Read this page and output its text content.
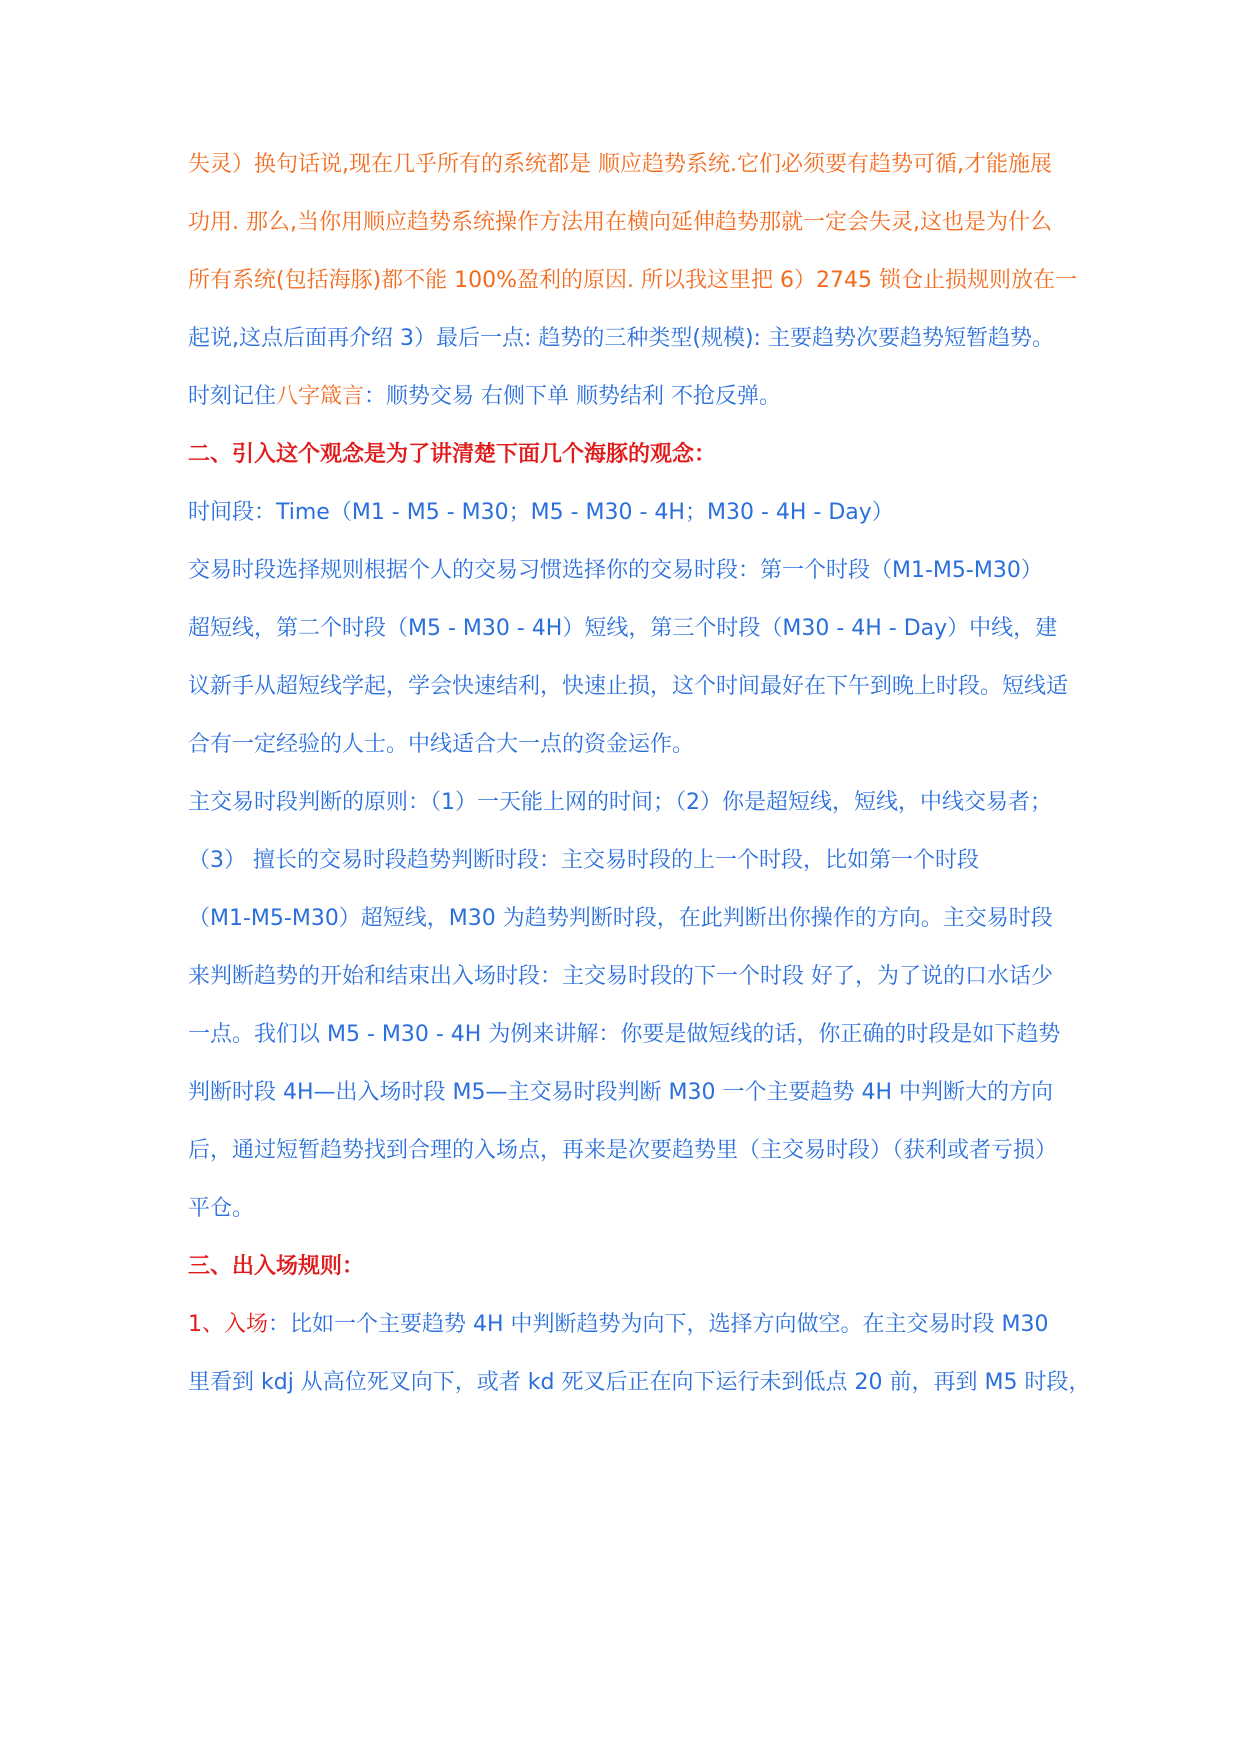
失灵）换句话说,现在几乎所有的系统都是 顺应趋势系统.它们必须要有趋势可循,才能施展
功用. 那么,当你用顺应趋势系统操作方法用在横向延伸趋势那就一定会失灵,这也是为什么
所有系统(包括海豚)都不能 100%盈利的原因. 所以我这里把 6）2745 锁仓止损规则放在一
起说,这点后面再介绍 3）最后一点: 趋势的三种类型(规模): 主要趋势次要趋势短暂趋势。
时刻记住八字箴言：顺势交易 右侧下单 顺势结利 不抢反弹。
二、引入这个观念是为了讲清楚下面几个海豚的观念：
时间段：Time（M1 - M5 - M30；M5 - M30 - 4H；M30 - 4H - Day）
交易时段选择规则根据个人的交易习惯选择你的交易时段：第一个时段（M1-M5-M30）
超短线，第二个时段（M5 - M30 - 4H）短线，第三个时段（M30 - 4H - Day）中线，建
议新手从超短线学起，学会快速结利，快速止损，这个时间最好在下午到晚上时段。短线适
合有一定经验的人士。中线适合大一点的资金运作。
主交易时段判断的原则：（1）一天能上网的时间；（2）你是超短线，短线，中线交易者；
（3） 擅长的交易时段趋势判断时段：主交易时段的上一个时段，比如第一个时段
（M1-M5-M30）超短线，M30 为趋势判断时段，在此判断出你操作的方向。主交易时段
来判断趋势的开始和结束出入场时段：主交易时段的下一个时段 好了，为了说的口水话少
一点。我们以 M5 - M30 - 4H 为例来讲解：你要是做短线的话，你正确的时段是如下趋势
判断时段 4H—出入场时段 M5—主交易时段判断 M30 一个主要趋势 4H 中判断大的方向
后，通过短暂趋势找到合理的入场点，再来是次要趋势里（主交易时段）（获利或者亏损）
平仓。
三、出入场规则：
1、入场：比如一个主要趋势 4H 中判断趋势为向下，选择方向做空。在主交易时段 M30
里看到 kdj 从高位死叉向下，或者 kd 死叉后正在向下运行未到低点 20 前，再到 M5 时段，
